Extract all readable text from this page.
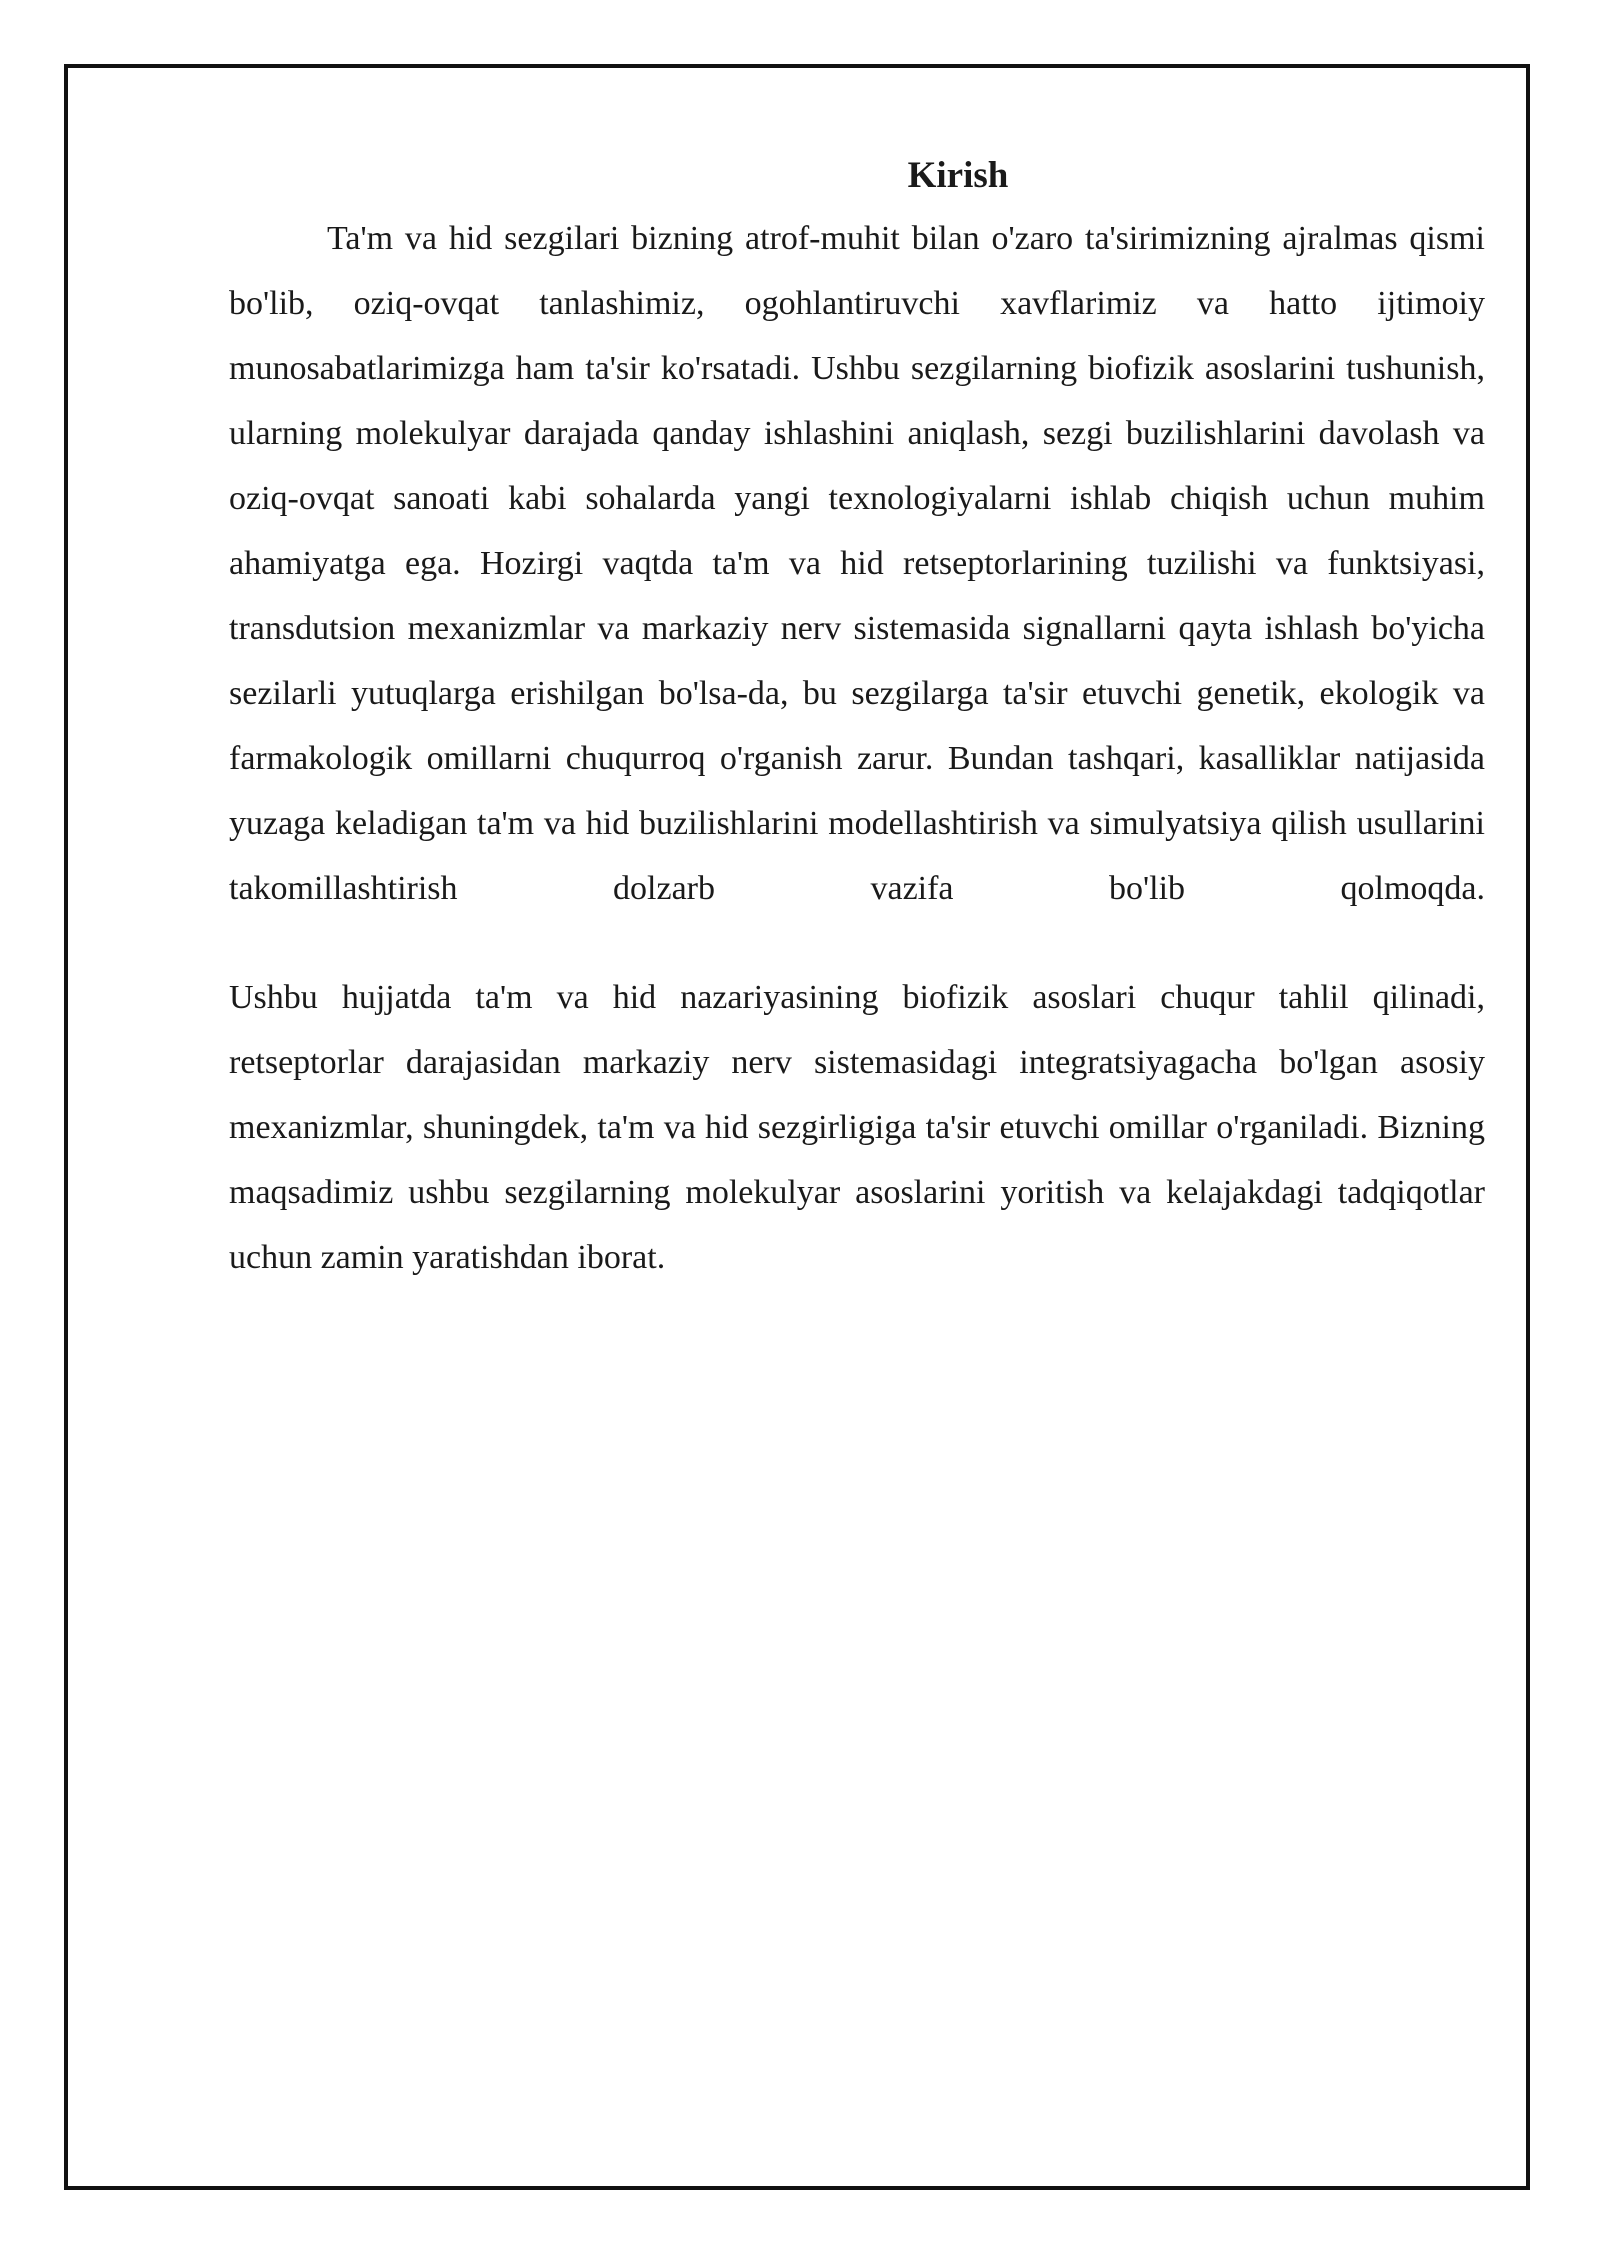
Kirish

Ta'm va hid sezgilari bizning atrof-muhit bilan o'zaro ta'sirimizning ajralmas qismi bo'lib, oziq-ovqat tanlashimiz, ogohlantiruvchi xavflarimiz va hatto ijtimoiy munosabatlarimizga ham ta'sir ko'rsatadi. Ushbu sezgilarning biofizik asoslarini tushunish, ularning molekulyar darajada qanday ishlashini aniqlash, sezgi buzilishlarini davolash va oziq-ovqat sanoati kabi sohalarda yangi texnologiyalarni ishlab chiqish uchun muhim ahamiyatga ega. Hozirgi vaqtda ta'm va hid retseptorlarining tuzilishi va funktsiyasi, transdutsion mexanizmlar va markaziy nerv sistemasida signallarni qayta ishlash bo'yicha sezilarli yutuqlarga erishilgan bo'lsa-da, bu sezgilarga ta'sir etuvchi genetik, ekologik va farmakologik omillarni chuqurroq o'rganish zarur. Bundan tashqari, kasalliklar natijasida yuzaga keladigan ta'm va hid buzilishlarini modellashtirish va simulyatsiya qilish usullarini takomillashtirish dolzarb vazifa bo'lib qolmoqda.

Ushbu hujjatda ta'm va hid nazariyasining biofizik asoslari chuqur tahlil qilinadi, retseptorlar darajasidan markaziy nerv sistemasidagi integratsiyagacha bo'lgan asosiy mexanizmlar, shuningdek, ta'm va hid sezgirligiga ta'sir etuvchi omillar o'rganiladi. Bizning maqsadimiz ushbu sezgilarning molekulyar asoslarini yoritish va kelajakdagi tadqiqotlar uchun zamin yaratishdan iborat.
